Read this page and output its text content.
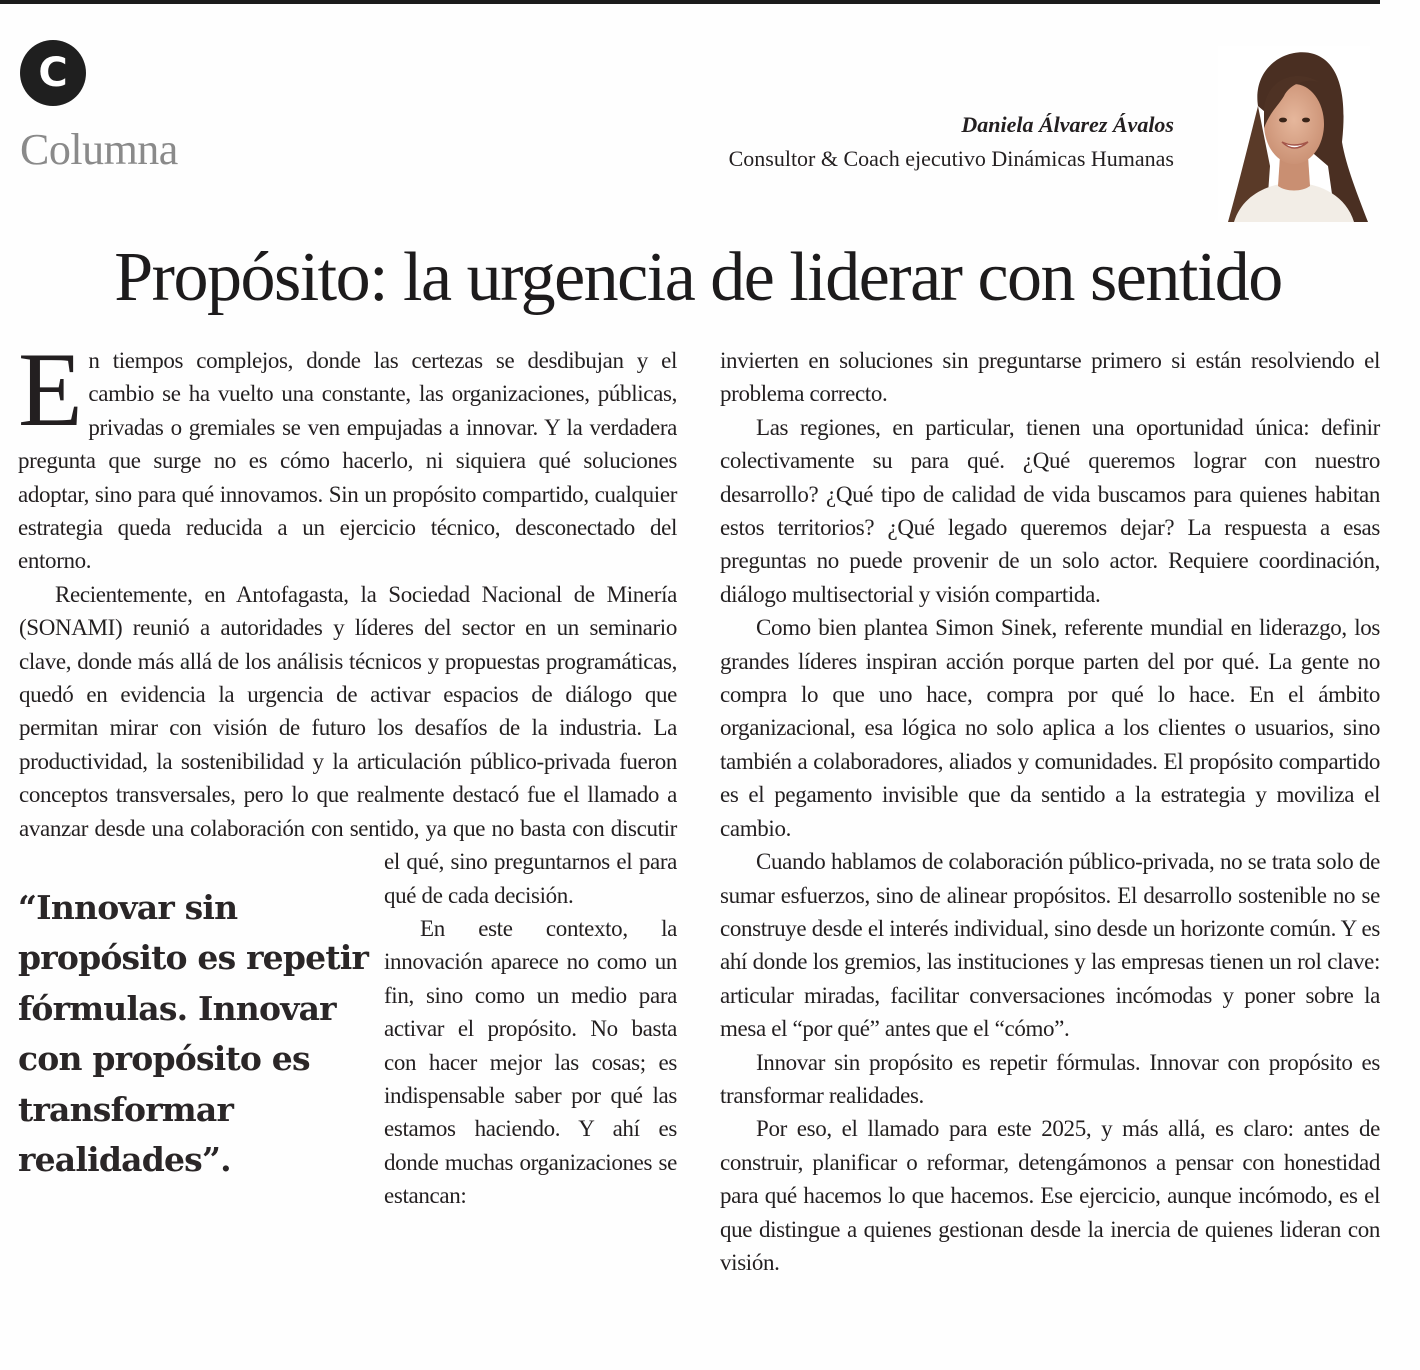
C
Columna
Daniela Álvarez Ávalos
Consultor & Coach ejecutivo Dinámicas Humanas
Propósito: la urgencia de liderar con sentido

En tiempos complejos, donde las certezas se desdibujan y el cambio se ha vuelto una constante, las organizaciones, públicas, privadas o gremiales se ven empujadas a innovar. Y la verdadera pregunta que surge no es cómo hacerlo, ni siquiera qué soluciones adoptar, sino para qué innovamos. Sin un propósito compartido, cualquier estrategia queda reducida a un ejercicio técnico, desconectado del entorno.

“Innovar sin propósito es repetir fórmulas. Innovar con propósito es transformar realidades”.
Recientemente, en Antofagasta, la Sociedad Nacional de Minería (SONAMI) reunió a autoridades y líderes del sector en un seminario clave, donde más allá de los análisis técnicos y propuestas programáticas, quedó en evidencia la urgencia de activar espacios de diálogo que permitan mirar con visión de futuro los desafíos de la industria. La productividad, la sostenibilidad y la articulación público-privada fueron conceptos transversales, pero lo que realmente destacó fue el llamado a avanzar desde una colaboración con sentido, ya que no basta con discutir el qué, sino preguntarnos el para qué de cada decisión.

En este contexto, la innovación aparece no como un fin, sino como un medio para activar el propósito. No basta con hacer mejor las cosas; es indispensable saber por qué las estamos haciendo. Y ahí es donde muchas organizaciones se estancan:

invierten en soluciones sin preguntarse primero si están resolviendo el problema correcto.

Las regiones, en particular, tienen una oportunidad única: definir colectivamente su para qué. ¿Qué queremos lograr con nuestro desarrollo? ¿Qué tipo de calidad de vida buscamos para quienes habitan estos territorios? ¿Qué legado queremos dejar? La respuesta a esas preguntas no puede provenir de un solo actor. Requiere coordinación, diálogo multisectorial y visión compartida.

Como bien plantea Simon Sinek, referente mundial en liderazgo, los grandes líderes inspiran acción porque parten del por qué. La gente no compra lo que uno hace, compra por qué lo hace. En el ámbito organizacional, esa lógica no solo aplica a los clientes o usuarios, sino también a colaboradores, aliados y comunidades. El propósito compartido es el pegamento invisible que da sentido a la estrategia y moviliza el cambio.

Cuando hablamos de colaboración público-privada, no se trata solo de sumar esfuerzos, sino de alinear propósitos. El desarrollo sostenible no se construye desde el interés individual, sino desde un horizonte común. Y es ahí donde los gremios, las instituciones y las empresas tienen un rol clave: articular miradas, facilitar conversaciones incómodas y poner sobre la mesa el “por qué” antes que el “cómo”.

Innovar sin propósito es repetir fórmulas. Innovar con propósito es transformar realidades.

Por eso, el llamado para este 2025, y más allá, es claro: antes de construir, planificar o reformar, detengámonos a pensar con honestidad para qué hacemos lo que hacemos. Ese ejercicio, aunque incómodo, es el que distingue a quienes gestionan desde la inercia de quienes lideran con visión.
